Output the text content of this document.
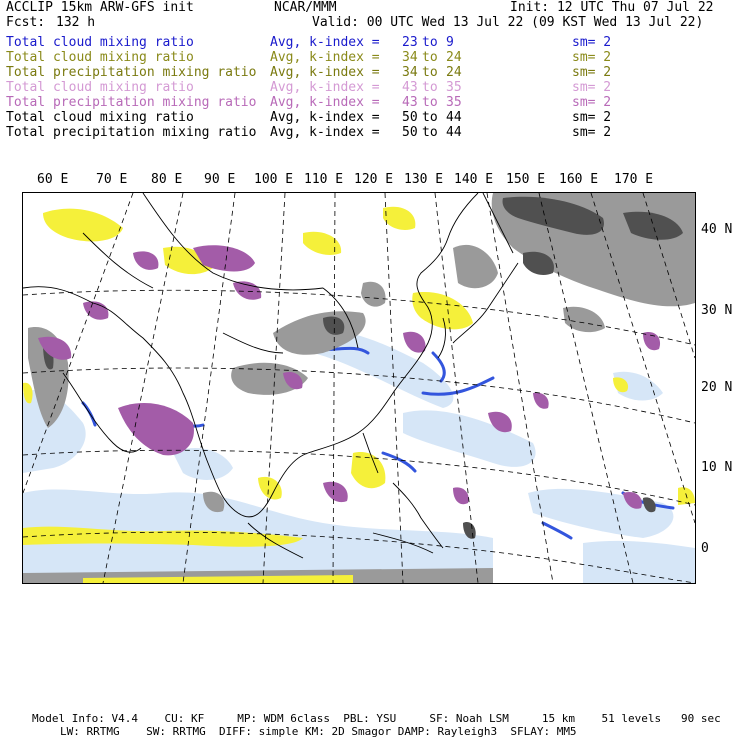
ACCLIP 15km ARW-GFS init	NCAR/MMM	Init: 12 UTC Thu 07 Jul 22
Fcst: 132 h	Valid: 00 UTC Wed 13 Jul 22 (09 KST Wed 13 Jul 22)
Total cloud mixing ratio	Avg, k-index = 23 to 9	sm= 2
Total cloud mixing ratio	Avg, k-index = 34 to 24	sm= 2
Total precipitation mixing ratio Avg, k-index = 34 to 24	sm= 2
Total cloud mixing ratio	Avg, k-index = 43 to 35	sm= 2
Total precipitation mixing ratio Avg, k-index = 43 to 35	sm= 2
Total cloud mixing ratio	Avg, k-index = 50 to 44	sm= 2
Total precipitation mixing ratio Avg, k-index = 50 to 44	sm= 2
60 E 70 E 80 E 90 E 100 E 110 E 120 E 130 E 140 E 150 E 160 E 170 E
40 N
30 N
20 N
10 N
0
Model Info: V4.4    CU: KF     MP: WDM 6class  PBL: YSU     SF: Noah LSM     15 km    51 levels   90 sec
LW: RRTMG    SW: RRTMG  DIFF: simple KM: 2D Smagor DAMP: Rayleigh3  SFLAY: MM5
